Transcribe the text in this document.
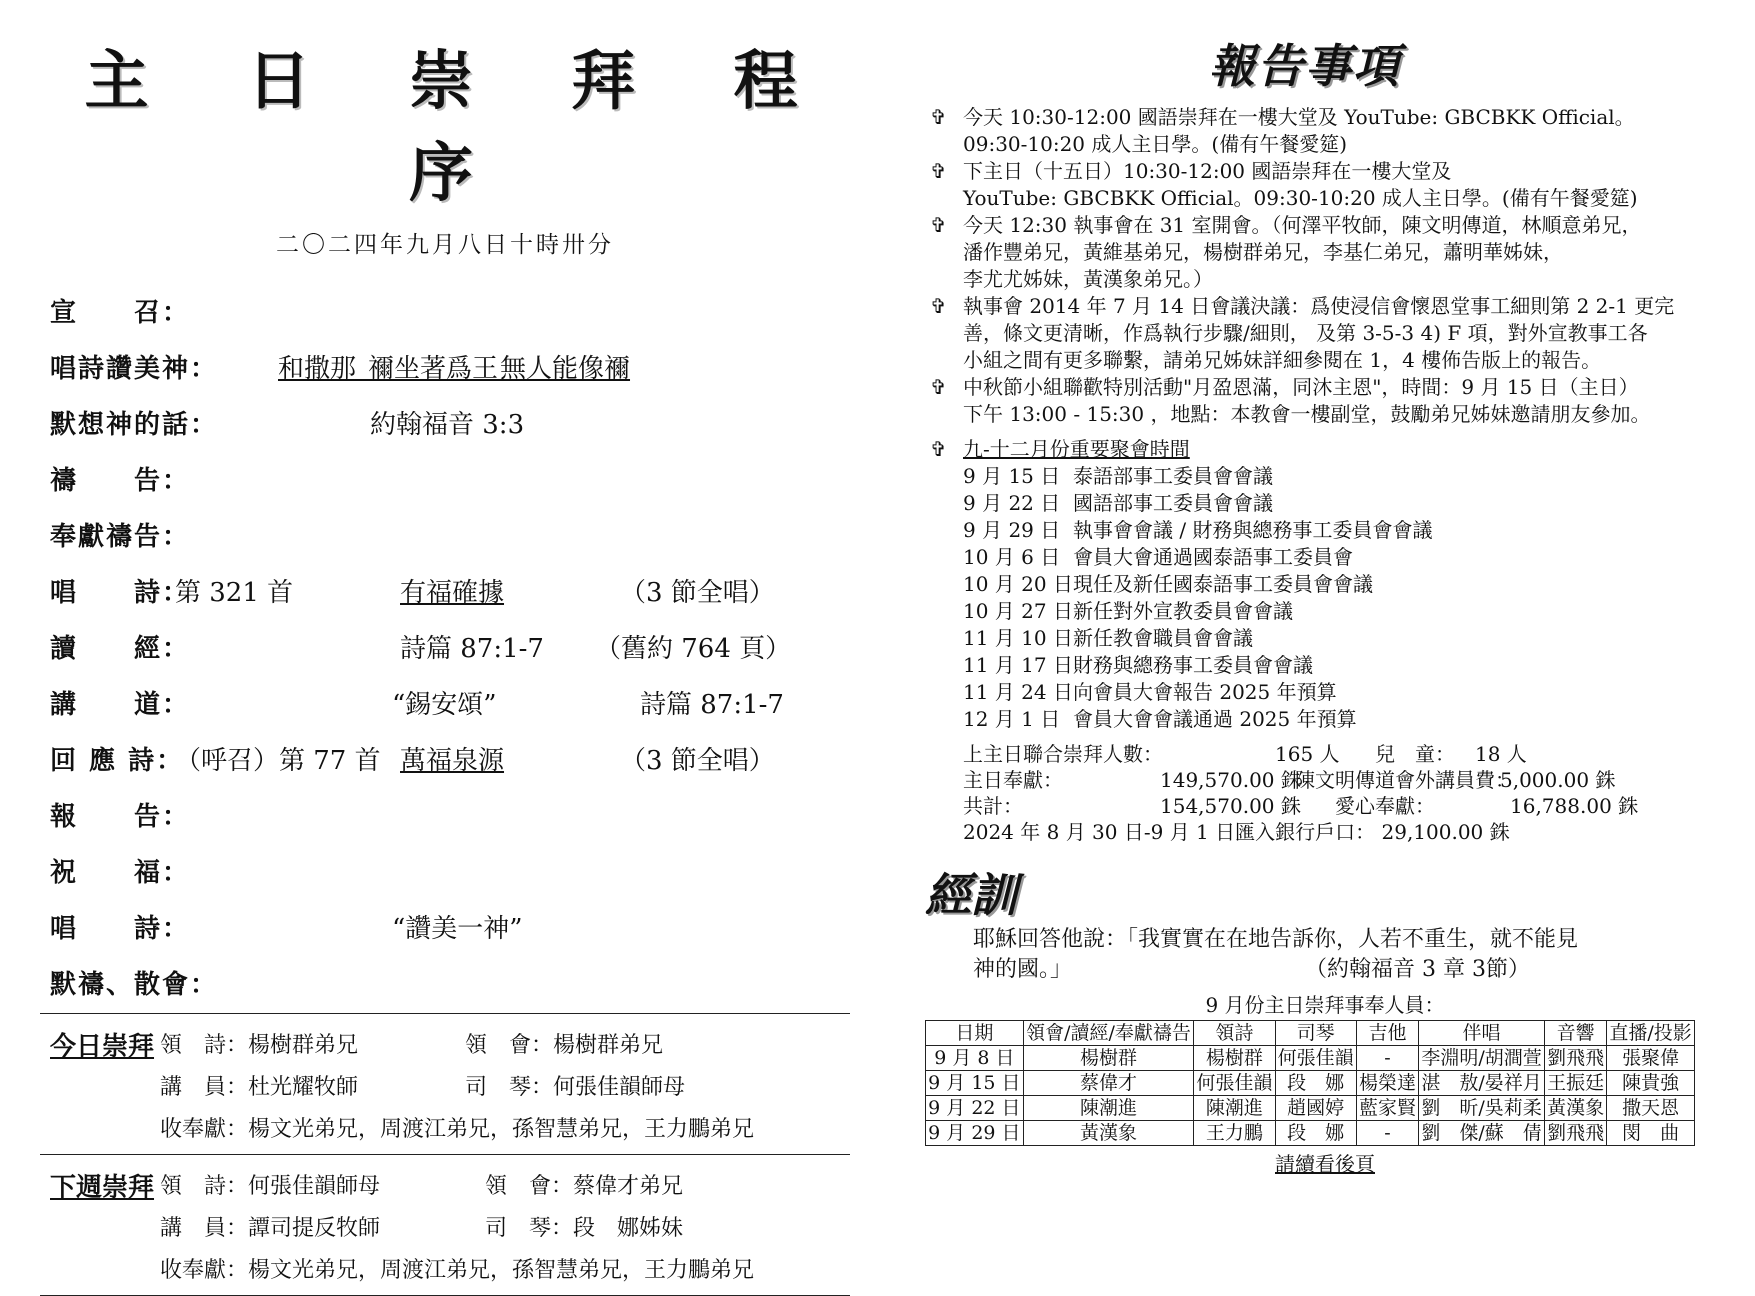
主 日 崇 拜 程 序
二〇二四年九月八日十時卅分
宣　　召：
唱詩讚美神： 和撒那　
禰坐著爲王　
無人能像禰
默想神的話：	約翰福音 3:3
禱　　告：
奉獻禱告：
唱　　詩：
第 321 首	有福確據	（3 節全唱）
讀　　經：	詩篇 87:1-7 （舊約 764 頁）
講　　道：	“錫安頌”	詩篇 87:1-7
回 應 詩：
（呼召）第 77 首 萬福泉源	（3 節全唱）
報　　告：
祝　　福：
唱　　詩：	“讚美一神”
默禱、散會：
今日崇拜 領　詩：楊樹群弟兄	領　會：楊樹群弟兄
講　員：杜光耀牧師	司　琴：何張佳韻師母
收奉獻：楊文光弟兄，周渡江弟兄，孫智慧弟兄，王力鵬弟兄
下週崇拜 領　詩：何張佳韻師母	領　會：蔡偉才弟兄
講　員：譚司提反牧師	司　琴：段　娜姊妹
收奉獻：楊文光弟兄，周渡江弟兄，孫智慧弟兄，王力鵬弟兄
報告事項
✞ 今天 10:30-12:00 國語崇拜在一樓大堂及 YouTube: GBCBKK Official。
09:30-10:20 成人主日學。(備有午餐愛筵)
✞ 下主日（十五日）10:30-12:00 國語崇拜在一樓大堂及
YouTube: GBCBKK Official。09:30-10:20 成人主日學。(備有午餐愛筵)
✞ 今天 12:30 執事會在 31 室開會。（何澤平牧師，陳文明傳道，林順意弟兄，
潘作豐弟兄，黃維基弟兄，楊樹群弟兄，李基仁弟兄，蕭明華姊妹，
李尤尤姊妹，黃漢象弟兄。）
✞ 執事會 2014 年 7 月 14 日會議決議：爲使浸信會懷恩堂事工細則第 2 2-1 更完
善，條文更清晰，作爲執行步驟/細則， 及第 3-5-3 4) F 項，對外宣教事工各
小組之間有更多聯繫，請弟兄姊妹詳細參閱在 1，4 樓佈告版上的報告。
✞ 中秋節小組聯歡特別活動"月盈恩滿，同沐主恩"，時間：9 月 15 日（主日）
下午 13:00 - 15:30 ，地點：本教會一樓副堂，鼓勵弟兄姊妹邀請朋友參加。
✞ 九-十二月份重要聚會時間
9 月 15 日 泰語部事工委員會會議
9 月 22 日 國語部事工委員會會議
9 月 29 日 執事會會議 / 財務與總務事工委員會會議
10 月 6 日 會員大會通過國泰語事工委員會
10 月 20 日現任及新任國泰語事工委員會會議
10 月 27 日新任對外宣教委員會會議
11 月 10 日新任教會職員會會議
11 月 17 日財務與總務事工委員會會議
11 月 24 日向會員大會報告 2025 年預算
12 月 1 日 會員大會會議通過 2025 年預算
上主日聯合崇拜人數：	165 人 兒　童： 18 人
主日奉獻：	149,570.00 銖
陳文明傳道會外講員費：
5,000.00 銖
共計：	154,570.00 銖 愛心奉獻：	16,788.00 銖
2024 年 8 月 30 日-9 月 1 日匯入銀行戶口： 29,100.00 銖
經訓
耶穌回答他說：「我實實在在地告訴你，人若不重生，就不能見
神的國。」	（約翰福音 3 章 3節）
9 月份主日崇拜事奉人員：
日期	領會/讀經/奉獻禱告	領詩	司琴	吉他	伴唱	音響	直播/投影
9 月 8 日	楊樹群	楊樹群	何張佳韻	-	李淵明/胡澗萱	劉飛飛	張聚偉
9 月 15 日	蔡偉才	何張佳韻	段　娜	楊榮達	湛　敖/晏祥月	王振廷	陳貴強
9 月 22 日	陳潮進	陳潮進	趙國婷	藍家賢	劉　昕/吳莉柔	黃漢象	撒天恩
9 月 29 日	黃漢象	王力鵬	段　娜	-	劉　傑/蘇　倩	劉飛飛	閔　曲
請續看後頁
